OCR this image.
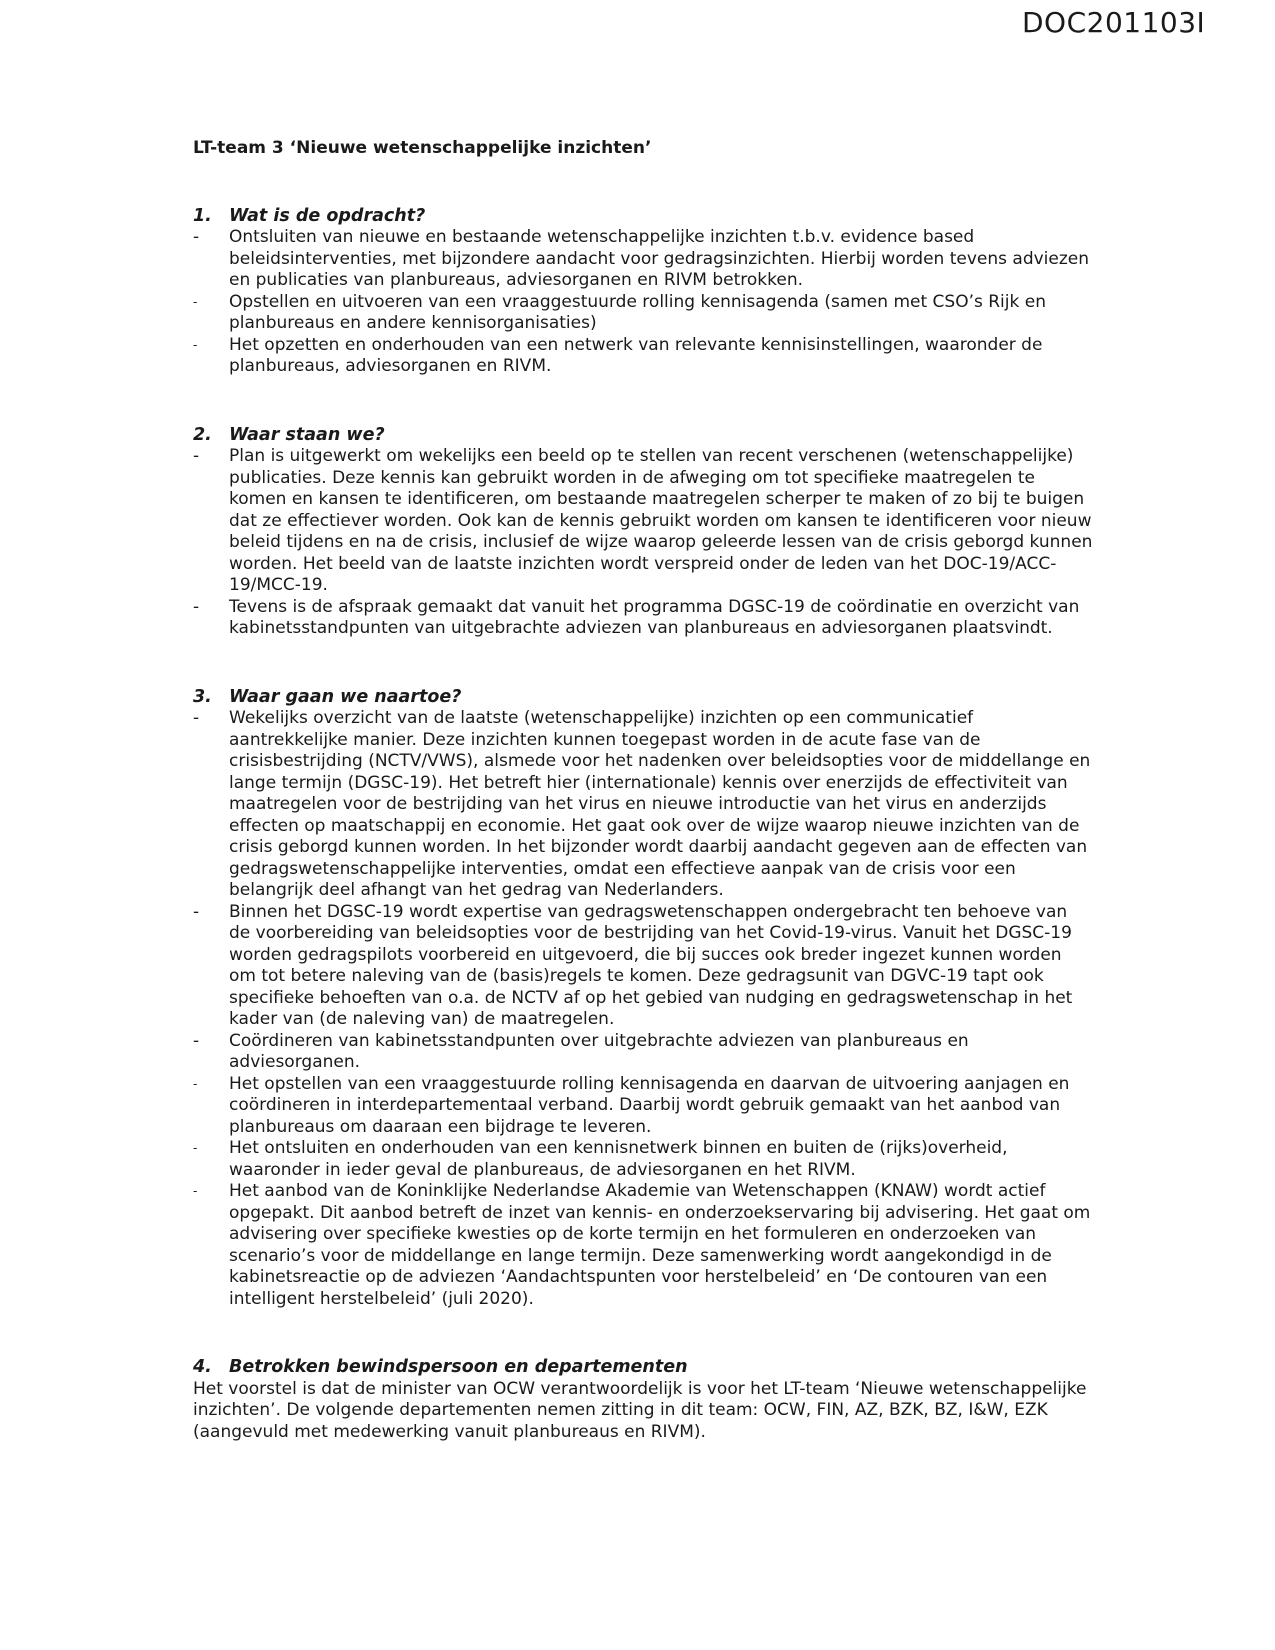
DOC201103I
LT-team 3 ‘Nieuwe wetenschappelijke inzichten’
1. Wat is de opdracht?
-	Ontsluiten van nieuwe en bestaande wetenschappelijke inzichten t.b.v. evidence based beleidsinterventies, met bijzondere aandacht voor gedragsinzichten. Hierbij worden tevens adviezen en publicaties van planbureaus, adviesorganen en RIVM betrokken.
-	Opstellen en uitvoeren van een vraaggestuurde rolling kennisagenda (samen met CSO’s Rijk en planbureaus en andere kennisorganisaties)
-	Het opzetten en onderhouden van een netwerk van relevante kennisinstellingen, waaronder de planbureaus, adviesorganen en RIVM.
2. Waar staan we?
-	Plan is uitgewerkt om wekelijks een beeld op te stellen van recent verschenen (wetenschappelijke) publicaties. Deze kennis kan gebruikt worden in de afweging om tot specifieke maatregelen te komen en kansen te identificeren, om bestaande maatregelen scherper te maken of zo bij te buigen dat ze effectiever worden. Ook kan de kennis gebruikt worden om kansen te identificeren voor nieuw beleid tijdens en na de crisis, inclusief de wijze waarop geleerde lessen van de crisis geborgd kunnen worden. Het beeld van de laatste inzichten wordt verspreid onder de leden van het DOC-19/ACC-19/MCC-19.
-	Tevens is de afspraak gemaakt dat vanuit het programma DGSC-19 de coördinatie en overzicht van kabinetsstandpunten van uitgebrachte adviezen van planbureaus en adviesorganen plaatsvindt.
3. Waar gaan we naartoe?
-	Wekelijks overzicht van de laatste (wetenschappelijke) inzichten op een communicatief aantrekkelijke manier. Deze inzichten kunnen toegepast worden in de acute fase van de crisisbestrijding (NCTV/VWS), alsmede voor het nadenken over beleidsopties voor de middellange en lange termijn (DGSC-19). Het betreft hier (internationale) kennis over enerzijds de effectiviteit van maatregelen voor de bestrijding van het virus en nieuwe introductie van het virus en anderzijds effecten op maatschappij en economie. Het gaat ook over de wijze waarop nieuwe inzichten van de crisis geborgd kunnen worden. In het bijzonder wordt daarbij aandacht gegeven aan de effecten van gedragswetenschappelijke interventies, omdat een effectieve aanpak van de crisis voor een belangrijk deel afhangt van het gedrag van Nederlanders.
-	Binnen het DGSC-19 wordt expertise van gedragswetenschappen ondergebracht ten behoeve van de voorbereiding van beleidsopties voor de bestrijding van het Covid-19-virus. Vanuit het DGSC-19 worden gedragspilots voorbereid en uitgevoerd, die bij succes ook breder ingezet kunnen worden om tot betere naleving van de (basis)regels te komen. Deze gedragsunit van DGVC-19 tapt ook specifieke behoeften van o.a. de NCTV af op het gebied van nudging en gedragswetenschap in het kader van (de naleving van) de maatregelen.
-	Coördineren van kabinetsstandpunten over uitgebrachte adviezen van planbureaus en adviesorganen.
-	Het opstellen van een vraaggestuurde rolling kennisagenda en daarvan de uitvoering aanjagen en coördineren in interdepartementaal verband. Daarbij wordt gebruik gemaakt van het aanbod van planbureaus om daaraan een bijdrage te leveren.
-	Het ontsluiten en onderhouden van een kennisnetwerk binnen en buiten de (rijks)overheid, waaronder in ieder geval de planbureaus, de adviesorganen en het RIVM.
-	Het aanbod van de Koninklijke Nederlandse Akademie van Wetenschappen (KNAW) wordt actief opgepakt. Dit aanbod betreft de inzet van kennis- en onderzoekservaring bij advisering. Het gaat om advisering over specifieke kwesties op de korte termijn en het formuleren en onderzoeken van scenario’s voor de middellange en lange termijn. Deze samenwerking wordt aangekondigd in de kabinetsreactie op de adviezen ‘Aandachtspunten voor herstelbeleid’ en ‘De contouren van een intelligent herstelbeleid’ (juli 2020).
4. Betrokken bewindspersoon en departementen

Het voorstel is dat de minister van OCW verantwoordelijk is voor het LT-team ‘Nieuwe wetenschappelijke inzichten’. De volgende departementen nemen zitting in dit team: OCW, FIN, AZ, BZK, BZ, I&W, EZK (aangevuld met medewerking vanuit planbureaus en RIVM).
